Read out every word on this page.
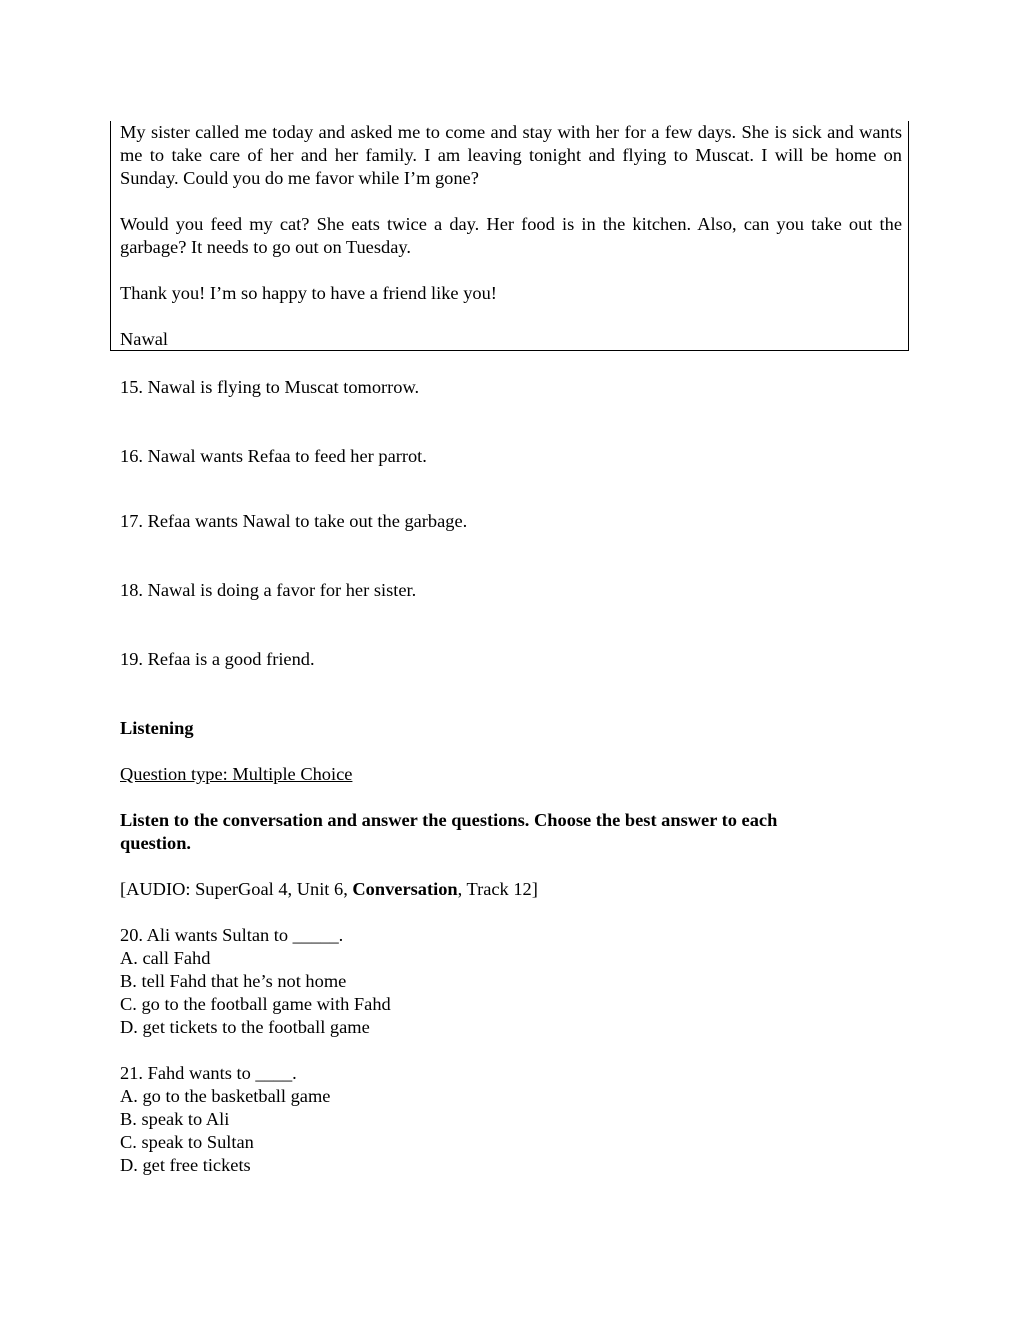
My sister called me today and asked me to come and stay with her for a few days. She is sick and wants me to take care of her and her family. I am leaving tonight and flying to Muscat. I will be home on Sunday. Could you do me favor while I’m gone?

Would you feed my cat? She eats twice a day. Her food is in the kitchen. Also, can you take out the garbage? It needs to go out on Tuesday.

Thank you! I’m so happy to have a friend like you!

Nawal

15. Nawal is flying to Muscat tomorrow.
16. Nawal wants Refaa to feed her parrot.
17. Refaa wants Nawal to take out the garbage.
18. Nawal is doing a favor for her sister.
19. Refaa is a good friend.
Listening
Question type: Multiple Choice
Listen to the conversation and answer the questions. Choose the best answer to each question.
[AUDIO: SuperGoal 4, Unit 6, Conversation, Track 12]
20. Ali wants Sultan to _____.
A. call Fahd
B. tell Fahd that he’s not home
C. go to the football game with Fahd
D. get tickets to the football game
21. Fahd wants to ____.
A. go to the basketball game
B. speak to Ali
C. speak to Sultan
D. get free tickets
